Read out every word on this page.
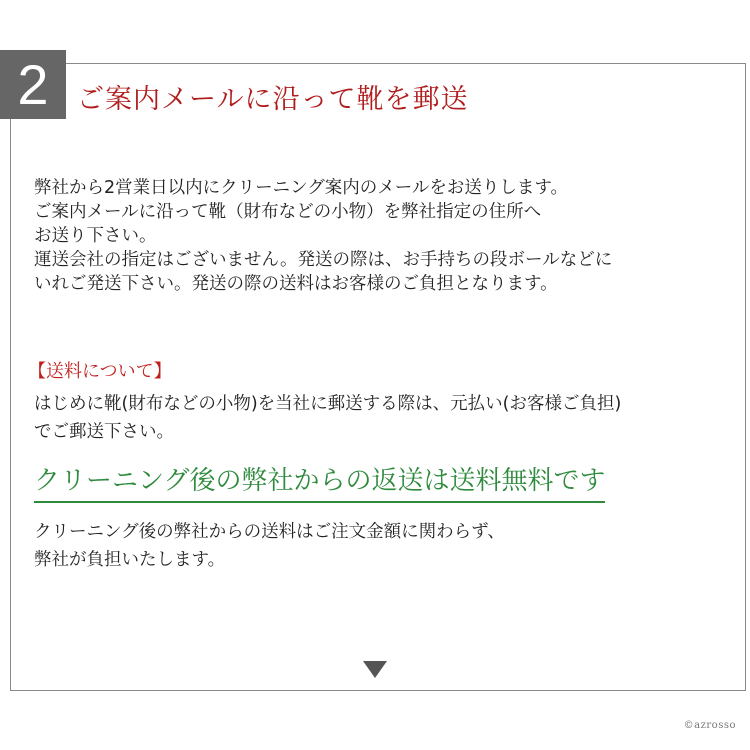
2 ご案内メールに沿って靴を郵送

弊社から2営業日以内にクリーニング案内のメールをお送りします。
ご案内メールに沿って靴（財布などの小物）を弊社指定の住所へ
お送り下さい。
運送会社の指定はございません。発送の際は、お手持ちの段ボールなどに
いれご発送下さい。発送の際の送料はお客様のご負担となります。

【送料について】

はじめに靴(財布などの小物)を当社に郵送する際は、元払い(お客様ご負担)
でご郵送下さい。

クリーニング後の弊社からの返送は送料無料です

クリーニング後の弊社からの送料はご注文金額に関わらず、
弊社が負担いたします。

©azrosso
